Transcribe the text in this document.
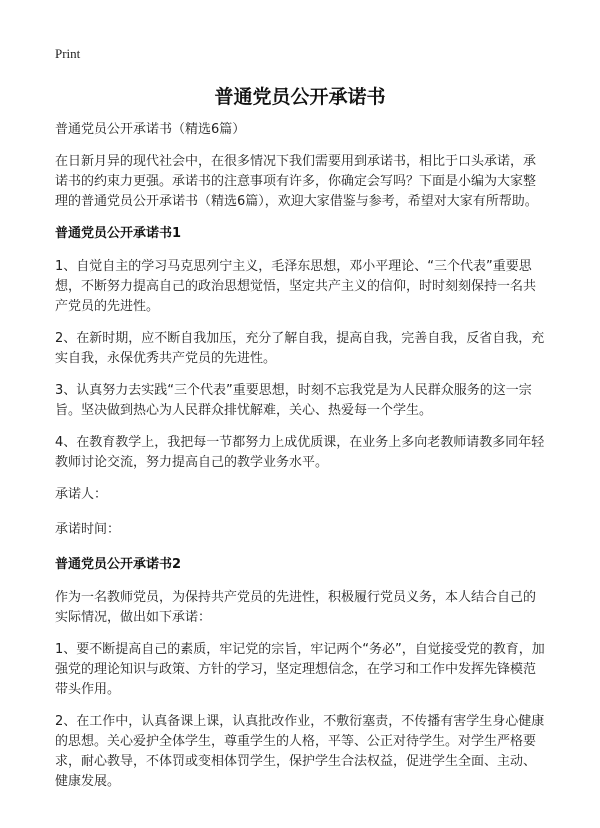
Print
普通党员公开承诺书

普通党员公开承诺书（精选6篇）

在日新月异的现代社会中，在很多情况下我们需要用到承诺书，相比于口头承诺，承诺书的约束力更强。承诺书的注意事项有许多，你确定会写吗？下面是小编为大家整理的普通党员公开承诺书（精选6篇），欢迎大家借鉴与参考，希望对大家有所帮助。

普通党员公开承诺书1

1、自觉自主的学习马克思列宁主义，毛泽东思想，邓小平理论、“三个代表”重要思想，不断努力提高自己的政治思想觉悟，坚定共产主义的信仰，时时刻刻保持一名共产党员的先进性。

2、在新时期，应不断自我加压，充分了解自我，提高自我，完善自我，反省自我，充实自我，永保优秀共产党员的先进性。

3、认真努力去实践“三个代表”重要思想，时刻不忘我党是为人民群众服务的这一宗旨。坚决做到热心为人民群众排忧解难，关心、热爱每一个学生。

4、在教育教学上，我把每一节都努力上成优质课，在业务上多向老教师请教多同年轻教师讨论交流，努力提高自己的教学业务水平。

承诺人：

承诺时间：

普通党员公开承诺书2

作为一名教师党员，为保持共产党员的先进性，积极履行党员义务，本人结合自己的实际情况，做出如下承诺：

1、要不断提高自己的素质，牢记党的宗旨，牢记两个“务必”，自觉接受党的教育，加强党的理论知识与政策、方针的学习，坚定理想信念，在学习和工作中发挥先锋模范带头作用。

2、在工作中，认真备课上课，认真批改作业，不敷衍塞责，不传播有害学生身心健康的思想。关心爱护全体学生，尊重学生的人格，平等、公正对待学生。对学生严格要求，耐心教导，不体罚或变相体罚学生，保护学生合法权益，促进学生全面、主动、健康发展。
